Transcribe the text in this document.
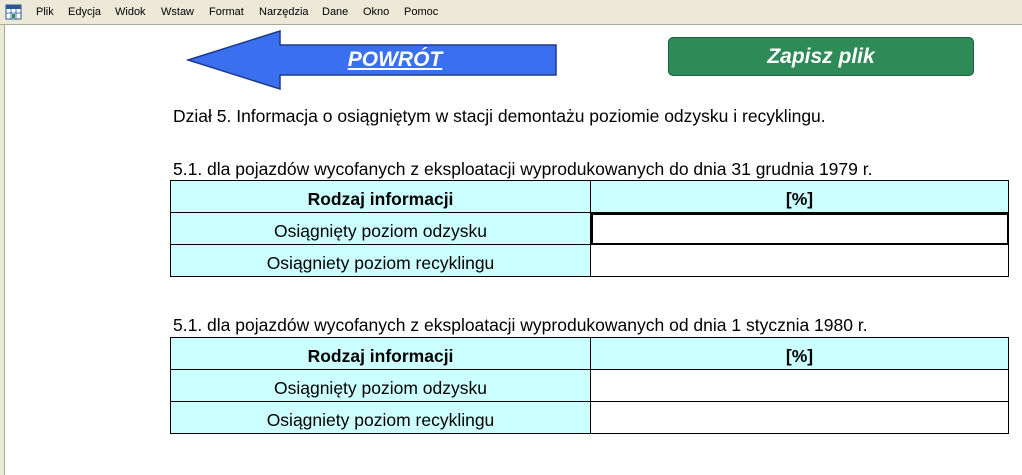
Plik Edycja Widok Wstaw Format Narzędzia Dane Okno Pomoc
POWRÓT	Zapisz plik
Dział 5. Informacja o osiągniętym w stacji demontażu poziomie odzysku i recyklingu.
5.1. dla pojazdów wycofanych z eksploatacji wyprodukowanych do dnia 31 grudnia 1979 r.
Rodzaj informacji	[%]
Osiągnięty poziom odzysku	
Osiągniety poziom recyklingu	
5.1. dla pojazdów wycofanych z eksploatacji wyprodukowanych od dnia 1 stycznia 1980 r.
Rodzaj informacji	[%]
Osiągnięty poziom odzysku	
Osiągniety poziom recyklingu	
